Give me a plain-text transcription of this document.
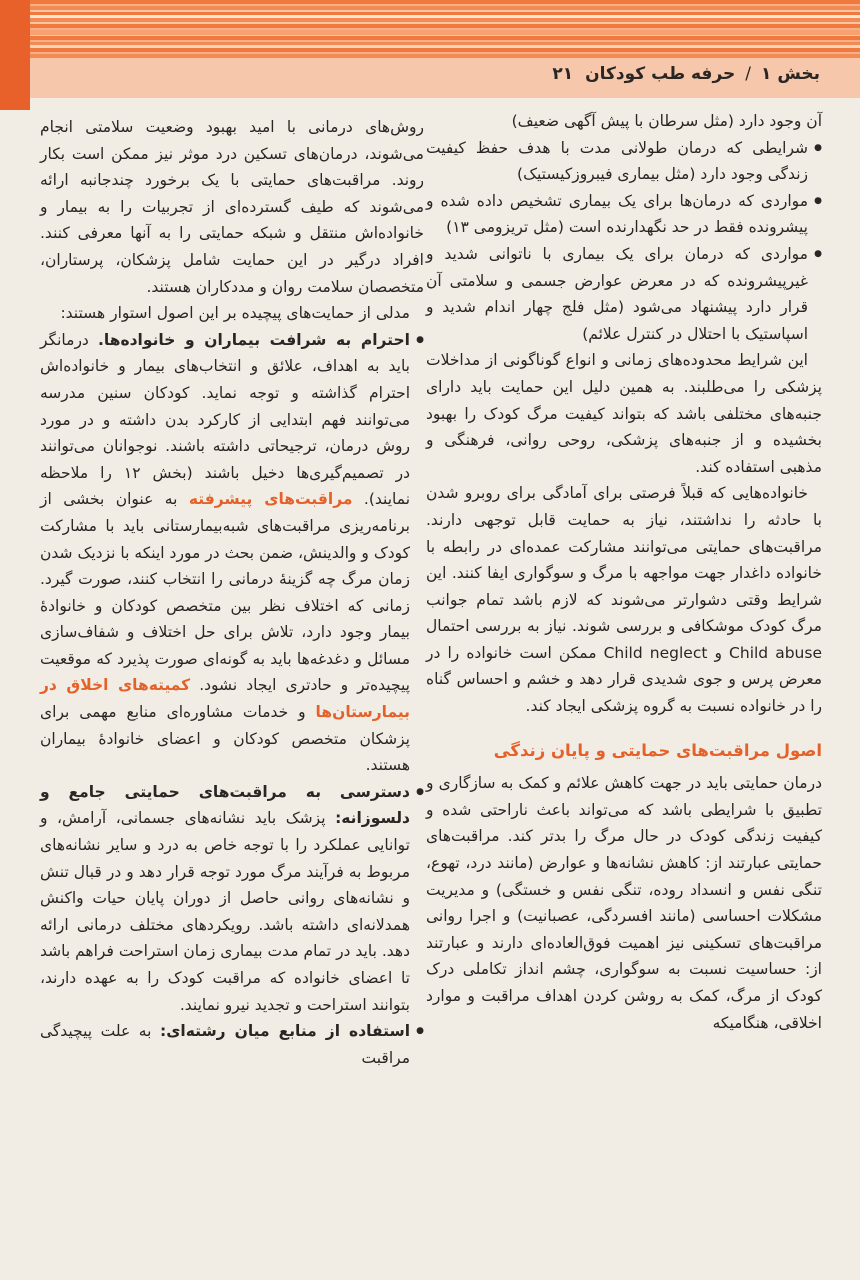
بخش ۱/حرفه طب کودکان۲۱

آن وجود دارد (مثل سرطان با پیش آگهی ضعیف)

● شرایطی که درمان طولانی مدت با هدف حفظ کیفیت زندگی وجود دارد (مثل بیماری فیبروزکیستیک)

● مواردی که درمان‌ها برای یک بیماری تشخیص داده شده و پیشرونده فقط در حد نگهدارنده است (مثل تریزومی ۱۳)

● مواردی که درمان برای یک بیماری با ناتوانی شدید و غیرپیشرونده که در معرض عوارض جسمی و سلامتی آن قرار دارد پیشنهاد می‌شود (مثل فلج چهار اندام شدید و اسپاستیک با احتلال در کنترل علائم)

این شرایط محدوده‌های زمانی و انواع گوناگونی از مداخلات پزشکی را می‌طلبند. به همین دلیل این حمایت باید دارای جنبه‌های مختلفی باشد که بتواند کیفیت مرگ کودک را بهبود بخشیده و از جنبه‌های پزشکی، روحی روانی، فرهنگی و مذهبی استفاده کند.

خانواده‌هایی که قبلاً فرصتی برای آمادگی برای روبرو شدن با حادثه را نداشتند، نیاز به حمایت قابل توجهی دارند. مراقبت‌های حمایتی می‌توانند مشارکت عمده‌ای در رابطه با خانواده داغدار جهت مواجهه با مرگ و سوگواری ایفا کنند. این شرایط وقتی دشوارتر می‌شوند که لازم باشد تمام جوانب مرگ کودک موشکافی و بررسی شوند. نیاز به بررسی احتمال Child abuse و Child neglect ممکن است خانواده را در معرض پرس و جوی شدیدی قرار دهد و خشم و احساس گناه را در خانواده نسبت به گروه پزشکی ایجاد کند.

اصول مراقبت‌های حمایتی و پایان زندگی

درمان حمایتی باید در جهت کاهش علائم و کمک به سازگاری و تطبیق با شرایطی باشد که می‌تواند باعث ناراحتی شده و کیفیت زندگی کودک در حال مرگ را بدتر کند. مراقبت‌های حمایتی عبارتند از: کاهش نشانه‌ها و عوارض (مانند درد، تهوع، تنگی نفس و انسداد روده، تنگی نفس و خستگی) و مدیریت مشکلات احساسی (مانند افسردگی، عصبانیت) و اجرا روانی مراقبت‌های تسکینی نیز اهمیت فوق‌العاده‌ای دارند و عبارتند از: حساسیت نسبت به سوگواری، چشم انداز تکاملی درک کودک از مرگ، کمک به روشن کردن اهداف مراقبت و موارد اخلاقی، هنگامیکه

روش‌های درمانی با امید بهبود وضعیت سلامتی انجام می‌شوند، درمان‌های تسکین درد موثر نیز ممکن است بکار روند. مراقبت‌های حمایتی با یک برخورد چندجانبه ارائه می‌شوند که طیف گسترده‌ای از تجربیات را به بیمار و خانواده‌اش منتقل و شبکه حمایتی را به آنها معرفی کنند. افراد درگیر در این حمایت شامل پزشکان، پرستاران، متخصصان سلامت روان و مددکاران هستند.

مدلی از حمایت‌های پیچیده بر این اصول استوار هستند:

● احترام به شرافت بیماران و خانواده‌ها. درمانگر باید به اهداف، علائق و انتخاب‌های بیمار و خانواده‌اش احترام گذاشته و توجه نماید. کودکان سنین مدرسه می‌توانند فهم ابتدایی از کارکرد بدن داشته و در مورد روش درمان، ترجیحاتی داشته باشند. نوجوانان می‌توانند در تصمیم‌گیری‌ها دخیل باشند (بخش ۱۲ را ملاحظه نمایند). مراقبت‌های پیشرفته به عنوان بخشی از برنامه‌ریزی مراقبت‌های شبه‌بیمارستانی باید با مشارکت کودک و والدینش، ضمن بحث در مورد اینکه با نزدیک شدن زمان مرگ چه گزینهٔ درمانی را انتخاب کنند، صورت گیرد. زمانی که اختلاف نظر بین متخصص کودکان و خانوادهٔ بیمار وجود دارد، تلاش برای حل اختلاف و شفاف‌سازی مسائل و دغدغه‌ها باید به گونه‌ای صورت پذیرد که موقعیت پیچیده‌تر و حادتری ایجاد نشود. کمیته‌های اخلاق در بیمارستان‌ها و خدمات مشاوره‌ای منابع مهمی برای پزشکان متخصص کودکان و اعضای خانوادهٔ بیماران هستند.

● دسترسی به مراقبت‌های حمایتی جامع و دلسوزانه: پزشک باید نشانه‌های جسمانی، آرامش، و توانایی عملکرد را با توجه خاص به درد و سایر نشانه‌های مربوط به فرآیند مرگ مورد توجه قرار دهد و در قبال تنش و نشانه‌های روانی حاصل از دوران پایان حیات واکنش همدلانه‌ای داشته باشد. رویکردهای مختلف درمانی ارائه دهد. باید در تمام مدت بیماری زمان استراحت فراهم باشد تا اعضای خانواده که مراقبت کودک را به عهده دارند، بتوانند استراحت و تجدید نیرو نمایند.

● استفاده از منابع میان رشته‌ای: به علت پیچیدگی مراقبت
